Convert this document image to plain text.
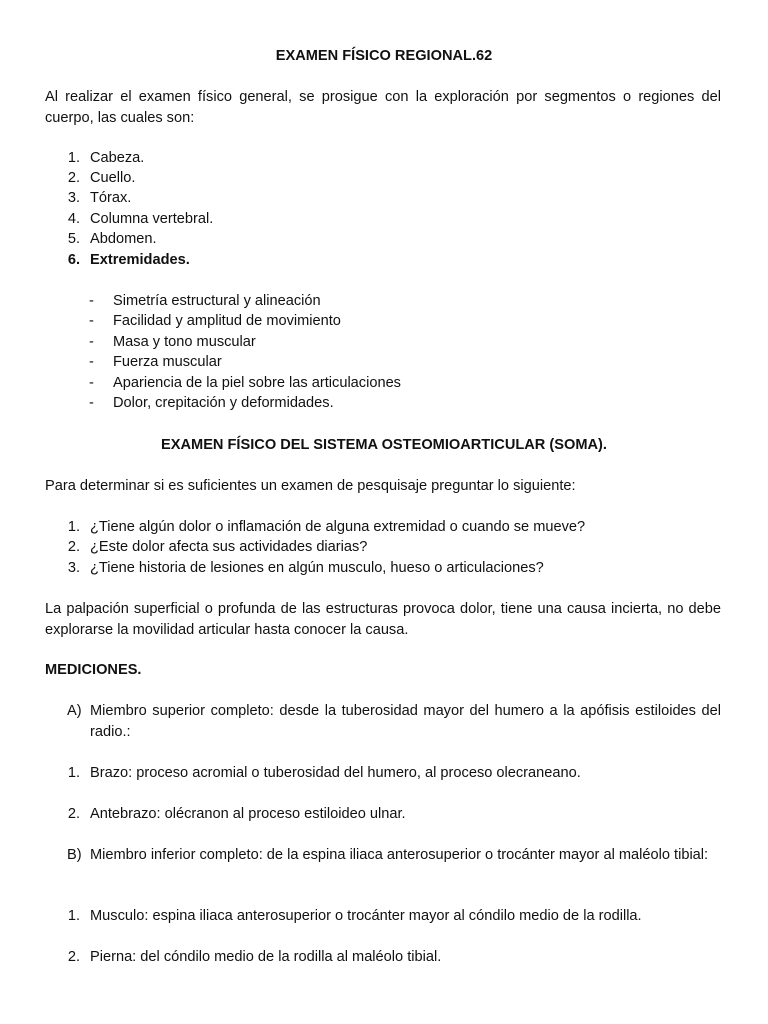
EXAMEN FÍSICO REGIONAL.62
Al realizar el examen físico general, se prosigue con la exploración por segmentos o regiones del cuerpo, las cuales son:
1. Cabeza.
2. Cuello.
3. Tórax.
4. Columna vertebral.
5. Abdomen.
6. Extremidades.
- Simetría estructural y alineación
- Facilidad y amplitud de movimiento
- Masa y tono muscular
- Fuerza muscular
- Apariencia de la piel sobre las articulaciones
- Dolor, crepitación y deformidades.
EXAMEN FÍSICO DEL SISTEMA OSTEOMIOARTICULAR (SOMA).
Para determinar si es suficientes un examen de pesquisaje preguntar lo siguiente:
1. ¿Tiene algún dolor o inflamación de alguna extremidad o cuando se mueve?
2. ¿Este dolor afecta sus actividades diarias?
3. ¿Tiene historia de lesiones en algún musculo, hueso o articulaciones?
La palpación superficial o profunda de las estructuras provoca dolor, tiene una causa incierta, no debe explorarse la movilidad articular hasta conocer la causa.
MEDICIONES.
A) Miembro superior completo: desde la tuberosidad mayor del humero a la apófisis estiloides del radio.:
1. Brazo: proceso acromial o tuberosidad del humero, al proceso olecraneano.
2. Antebrazo: olécranon al proceso estiloideo ulnar.
B) Miembro inferior completo: de la espina iliaca anterosuperior o trocánter mayor al maléolo tibial:
1. Musculo: espina iliaca anterosuperior o trocánter mayor al cóndilo medio de la rodilla.
2. Pierna: del cóndilo medio de la rodilla al maléolo tibial.
